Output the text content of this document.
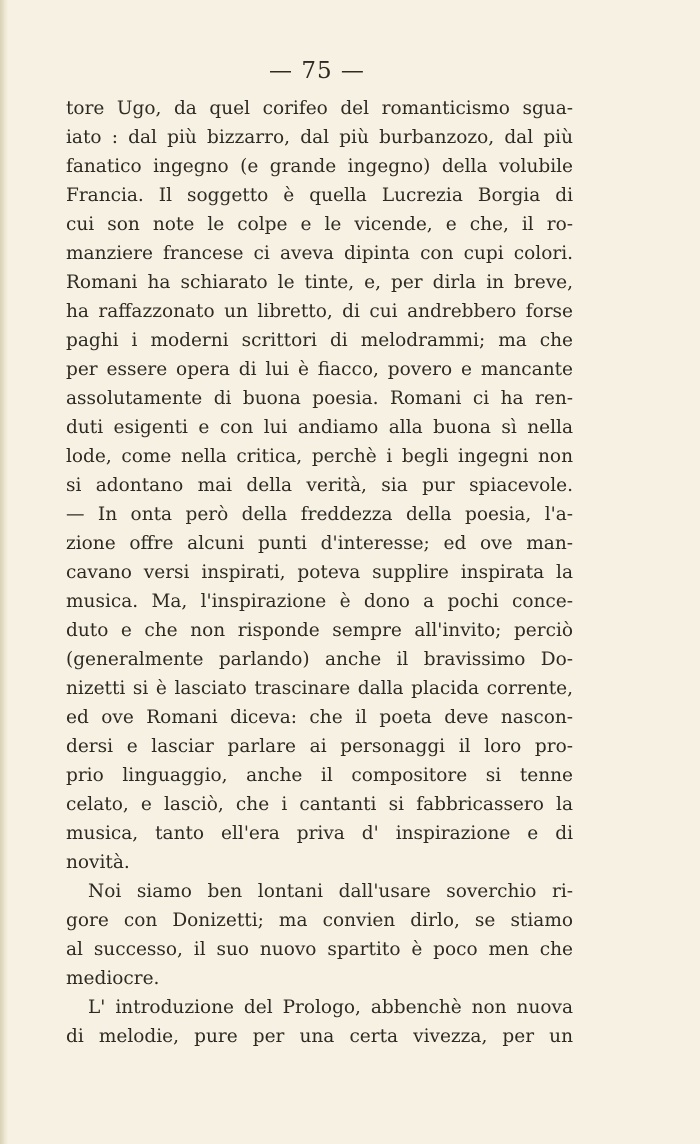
— 75 —
tore Ugo, da quel corifeo del romanticismo sgua-
iato : dal più bizzarro, dal più burbanzozo, dal più
fanatico ingegno (e grande ingegno) della volubile
Francia. Il soggetto è quella Lucrezia Borgia di
cui son note le colpe e le vicende, e che, il ro-
manziere francese ci aveva dipinta con cupi colori.
Romani ha schiarato le tinte, e, per dirla in breve,
ha raffazzonato un libretto, di cui andrebbero forse
paghi i moderni scrittori di melodrammi; ma che
per essere opera di lui è fiacco, povero e mancante
assolutamente di buona poesia. Romani ci ha ren-
duti esigenti e con lui andiamo alla buona sì nella
lode, come nella critica, perchè i begli ingegni non
si adontano mai della verità, sia pur spiacevole.
— In onta però della freddezza della poesia, l'a-
zione offre alcuni punti d'interesse; ed ove man-
cavano versi inspirati, poteva supplire inspirata la
musica. Ma, l'inspirazione è dono a pochi conce-
duto e che non risponde sempre all'invito; perciò
(generalmente parlando) anche il bravissimo Do-
nizetti si è lasciato trascinare dalla placida corrente,
ed ove Romani diceva: che il poeta deve nascon-
dersi e lasciar parlare ai personaggi il loro pro-
prio linguaggio, anche il compositore si tenne
celato, e lasciò, che i cantanti si fabbricassero la
musica, tanto ell'era priva d' inspirazione e di
novità.
Noi siamo ben lontani dall'usare soverchio ri-
gore con Donizetti; ma convien dirlo, se stiamo
al successo, il suo nuovo spartito è poco men che
mediocre.
L' introduzione del Prologo, abbenchè non nuova
di melodie, pure per una certa vivezza, per un
